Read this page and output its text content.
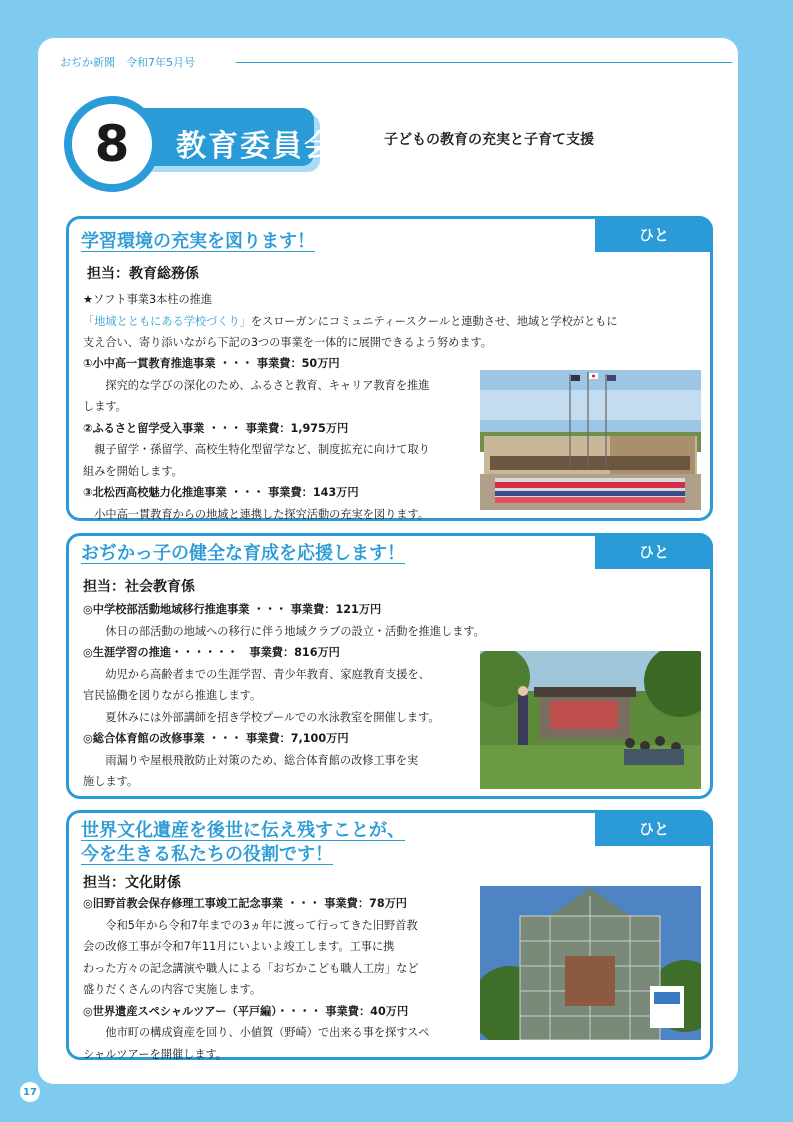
おぢか新聞　令和7年5月号
教育委員会
8	子どもの教育の充実と子育て支援
ひと
学習環境の充実を図ります！
担当：教育総務係

★ソフト事業3本柱の推進

「地域とともにある学校づくり」をスローガンにコミュニティースクールと連動させ、地域と学校がともに

支え合い、寄り添いながら下記の3つの事業を一体的に展開できるよう努めます。

①小中高一貫教育推進事業 ・・・ 事業費：50万円

探究的な学びの深化のため、ふるさと教育、キャリア教育を推進

します。

②ふるさと留学受入事業 ・・・ 事業費：1,975万円

親子留学・孫留学、高校生特化型留学など、制度拡充に向けて取り

組みを開始します。

③北松西高校魅力化推進事業 ・・・ 事業費：143万円

小中高一貫教育からの地域と連携した探究活動の充実を図ります。

ひと
おぢかっ子の健全な育成を応援します！
担当：社会教育係

◎中学校部活動地域移行推進事業 ・・・ 事業費：121万円

休日の部活動の地域への移行に伴う地域クラブの設立・活動を推進します。

◎生涯学習の推進・・・・・・　事業費：816万円

幼児から高齢者までの生涯学習、青少年教育、家庭教育支援を、

官民協働を図りながら推進します。

夏休みには外部講師を招き学校プールでの水泳教室を開催します。

◎総合体育館の改修事業 ・・・ 事業費：7,100万円

雨漏りや屋根飛散防止対策のため、総合体育館の改修工事を実

施します。

ひと
世界文化遺産を後世に伝え残すことが、
今を生きる私たちの役割です！
担当：文化財係

◎旧野首教会保存修理工事竣工記念事業 ・・・ 事業費：78万円

令和5年から令和7年までの3ヵ年に渡って行ってきた旧野首教

会の改修工事が令和7年11月にいよいよ竣工します。工事に携

わった方々の記念講演や職人による「おぢかこども職人工房」など

盛りだくさんの内容で実施します。

◎世界遺産スペシャルツアー（平戸編）・・・・ 事業費：40万円

他市町の構成資産を回り、小値賀（野崎）で出来る事を探すスペ

シャルツアーを開催します。

17
